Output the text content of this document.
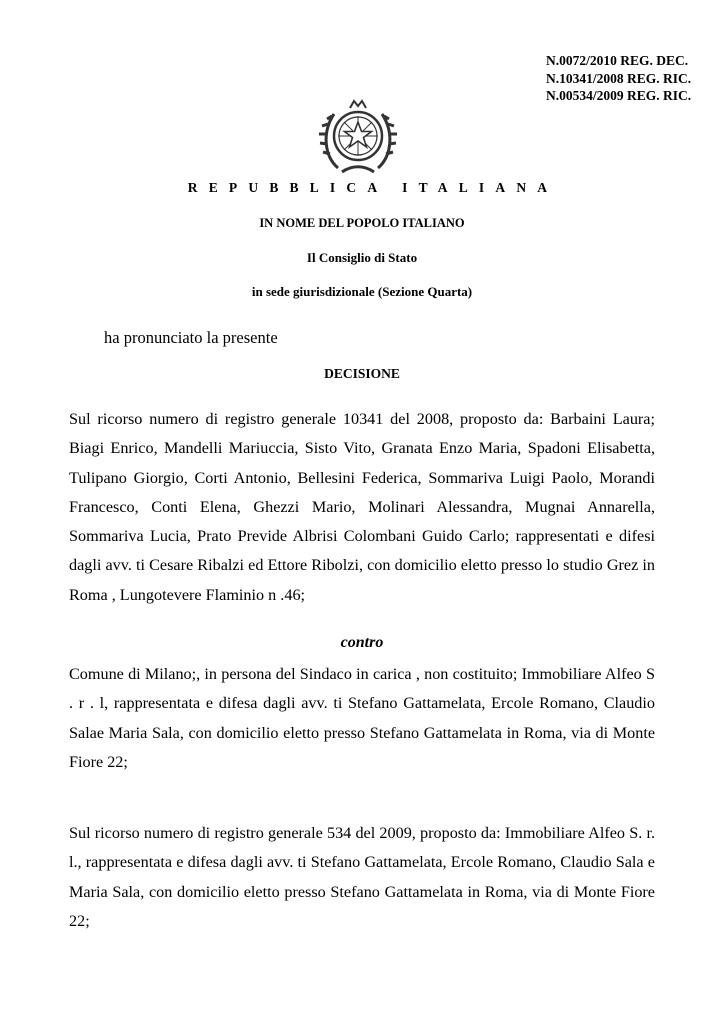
N.0072/2010 REG. DEC.
N.10341/2008 REG. RIC.
N.00534/2009 REG. RIC.
REPUBBLICA ITALIANA
IN NOME DEL POPOLO ITALIANO
Il Consiglio di Stato
in sede giurisdizionale (Sezione Quarta)
ha pronunciato la presente
DECISIONE
Sul ricorso numero di registro generale 10341 del 2008, proposto da: Barbaini Laura; Biagi Enrico, Mandelli Mariuccia, Sisto Vito, Granata Enzo Maria, Spadoni Elisabetta, Tulipano Giorgio, Corti Antonio, Bellesini Federica, Sommariva Luigi Paolo, Morandi Francesco, Conti Elena, Ghezzi Mario, Molinari Alessandra, Mugnai Annarella, Sommariva Lucia, Prato Previde Albrisi Colombani Guido Carlo; rappresentati e difesi dagli avv. ti Cesare Ribalzi ed Ettore Ribolzi, con domicilio eletto presso lo studio Grez in Roma , Lungotevere Flaminio n .46;
contro
Comune di Milano;, in persona del Sindaco in carica , non costituito; Immobiliare Alfeo S . r . l, rappresentata e difesa dagli avv. ti Stefano Gattamelata, Ercole Romano, Claudio Salae Maria Sala, con domicilio eletto presso Stefano Gattamelata in Roma, via di Monte Fiore 22;
Sul ricorso numero di registro generale 534 del 2009, proposto da: Immobiliare Alfeo S. r. l., rappresentata e difesa dagli avv. ti Stefano Gattamelata, Ercole Romano, Claudio Sala e Maria Sala, con domicilio eletto presso Stefano Gattamelata in Roma, via di Monte Fiore 22;
